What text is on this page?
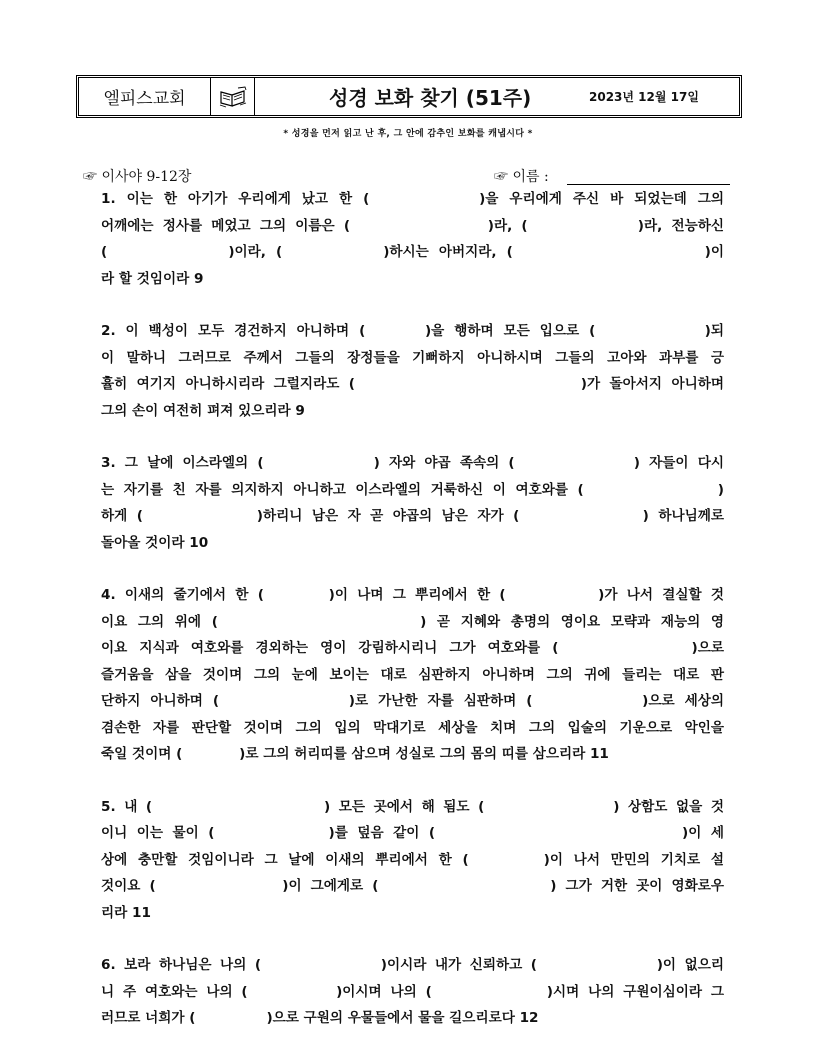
엘피스교회	성경 보화 찾기 (51주)	2023년 12월 17일
* 성경을 먼저 읽고 난 후, 그 안에 감추인 보화를 캐냅시다 *
☞ 이사야 9-12장	☞ 이름 :

1. 이는 한 아기가 우리에게 났고 한 (          )을 우리에게 주신 바 되었는데 그의

어깨에는 정사를 메었고 그의 이름은 (               )라, (            )라, 전능하신

(            )이라, (          )하시는 아버지라, (                   )이

라 할 것임이라 9

2. 이 백성이 모두 경건하지 아니하며 (      )을 행하며 모든 입으로 (           )되

이 말하니 그러므로 주께서 그들의 장정들을 기뻐하지 아니하시며 그들의 고아와 과부를 긍

휼히 여기지 아니하시리라 그럴지라도 (                        )가 돌아서지 아니하며

그의 손이 여전히 펴져 있으리라 9

3. 그 날에 이스라엘의 (            ) 자와 야곱 족속의 (             ) 자들이 다시

는 자기를 친 자를 의지하지 아니하고 이스라엘의 거룩하신 이 여호와를 (              )

하게 (            )하리니 남은 자 곧 야곱의 남은 자가 (             ) 하나님께로

돌아올 것이라 10

4. 이새의 줄기에서 한 (       )이 나며 그 뿌리에서 한 (          )가 나서 결실할 것

이요 그의 위에 (                   ) 곧 지혜와 총명의 영이요 모략과 재능의 영

이요 지식과 여호와를 경외하는 영이 강림하시리니 그가 여호와를 (           )으로

즐거움을 삼을 것이며 그의 눈에 보이는 대로 심판하지 아니하며 그의 귀에 들리는 대로 판

단하지 아니하며 (             )로 가난한 자를 심판하며 (           )으로 세상의

겸손한 자를 판단할 것이며 그의 입의 막대기로 세상을 치며 그의 입술의 기운으로 악인을

죽일 것이며 (            )로 그의 허리띠를 삼으며 성실로 그의 몸의 띠를 삼으리라 11

5. 내 (                    ) 모든 곳에서 해 됨도 (               ) 상함도 없을 것

이니 이는 물이 (            )를 덮음 같이 (                          )이 세

상에 충만할 것임이니라 그 날에 이새의 뿌리에서 한 (       )이 나서 만민의 기치로 설

것이요 (              )이 그에게로 (                   ) 그가 거한 곳이 영화로우

리라 11

6. 보라 하나님은 나의 (              )이시라 내가 신뢰하고 (              )이 없으리

니 주 여호와는 나의 (          )이시며 나의 (             )시며 나의 구원이심이라 그

러므로 너희가 (               )으로 구원의 우물들에서 물을 길으리로다 12
